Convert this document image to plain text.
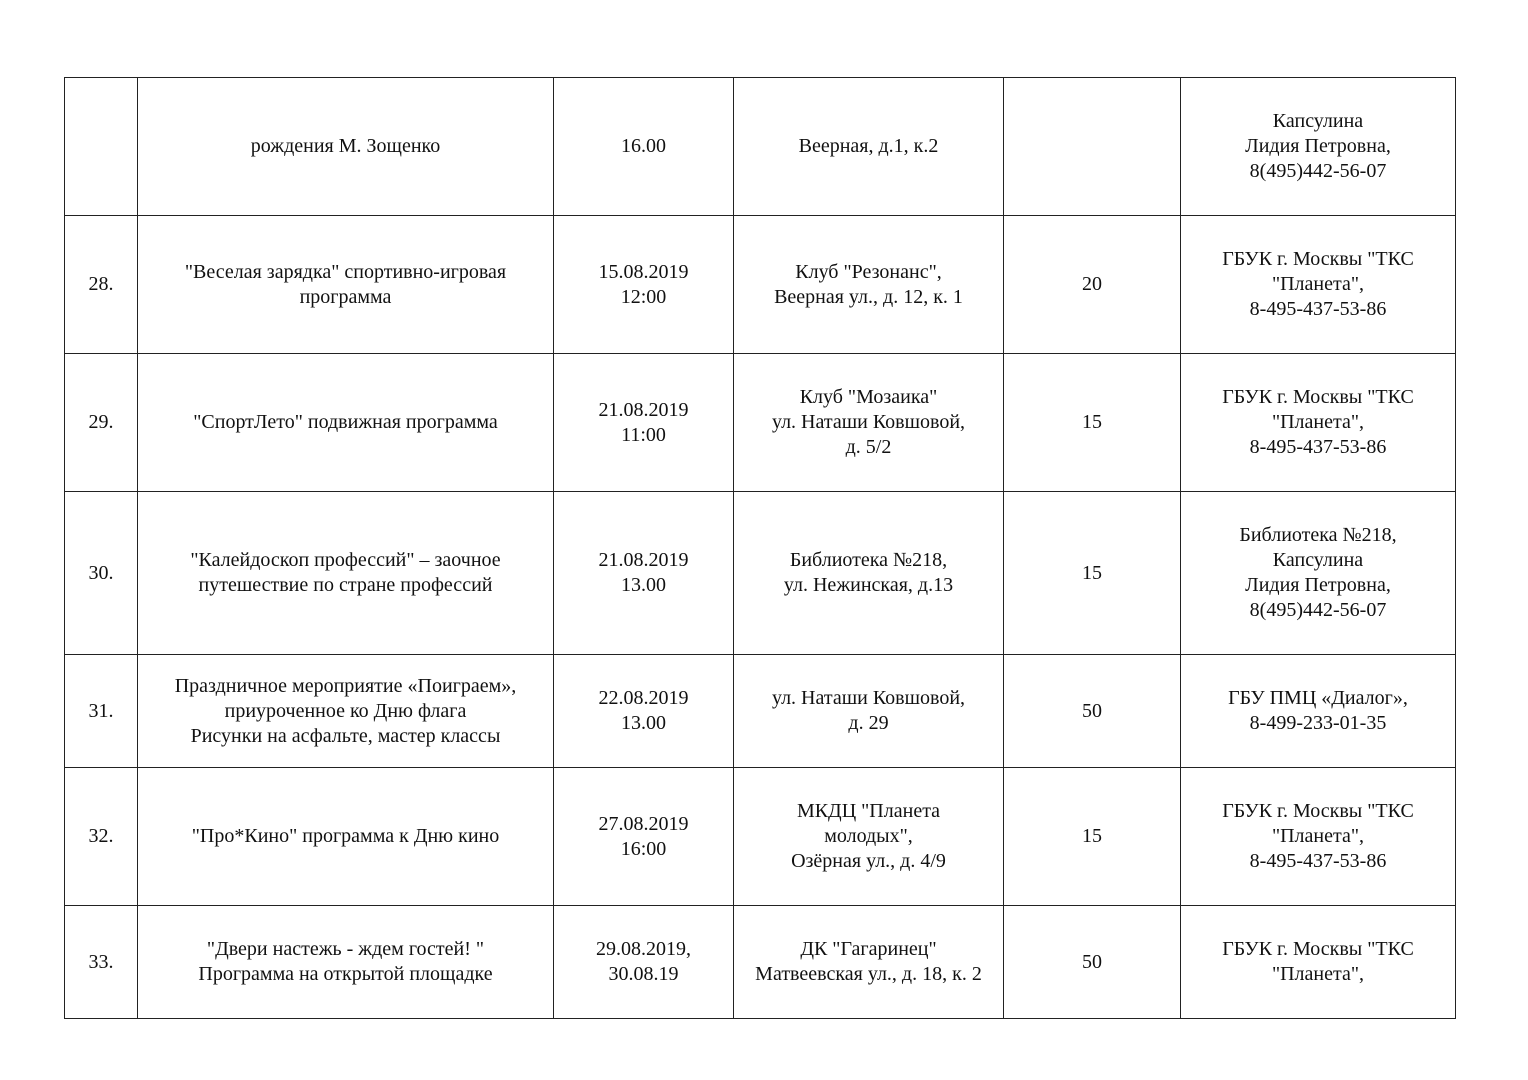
	рождения М. Зощенко	16.00	Веерная, д.1, к.2		Капсулина
Лидия Петровна,
8(495)442-56-07

28.	"Веселая зарядка" спортивно-игровая
программа	15.08.2019
12:00	Клуб "Резонанс",
Веерная ул., д. 12, к. 1	20	ГБУК г. Москвы "ТКС
"Планета",
8-495-437-53-86

29.	"СпортЛето" подвижная программа	21.08.2019
11:00	Клуб "Мозаика"
ул. Наташи Ковшовой,
д. 5/2	15	ГБУК г. Москвы "ТКС
"Планета",
8-495-437-53-86

30.	"Калейдоскоп профессий" – заочное
путешествие по стране профессий	21.08.2019
13.00	Библиотека №218,
ул. Нежинская, д.13	15	Библиотека №218,
Капсулина
Лидия Петровна,
8(495)442-56-07

31.	Праздничное мероприятие «Поиграем»,
приуроченное ко Дню флага
Рисунки на асфальте, мастер классы	22.08.2019
13.00	ул. Наташи Ковшовой,
д. 29	50	ГБУ ПМЦ «Диалог»,
8-499-233-01-35

32.	"Про*Кино" программа к Дню кино	27.08.2019
16:00	МКДЦ "Планета
молодых",
Озёрная ул., д. 4/9	15	ГБУК г. Москвы "ТКС
"Планета",
8-495-437-53-86

33.	"Двери настежь - ждем гостей! "
Программа на открытой площадке	29.08.2019,
30.08.19	ДК "Гагаринец"
Матвеевская ул., д. 18, к. 2	50	ГБУК г. Москвы "ТКС
"Планета",
